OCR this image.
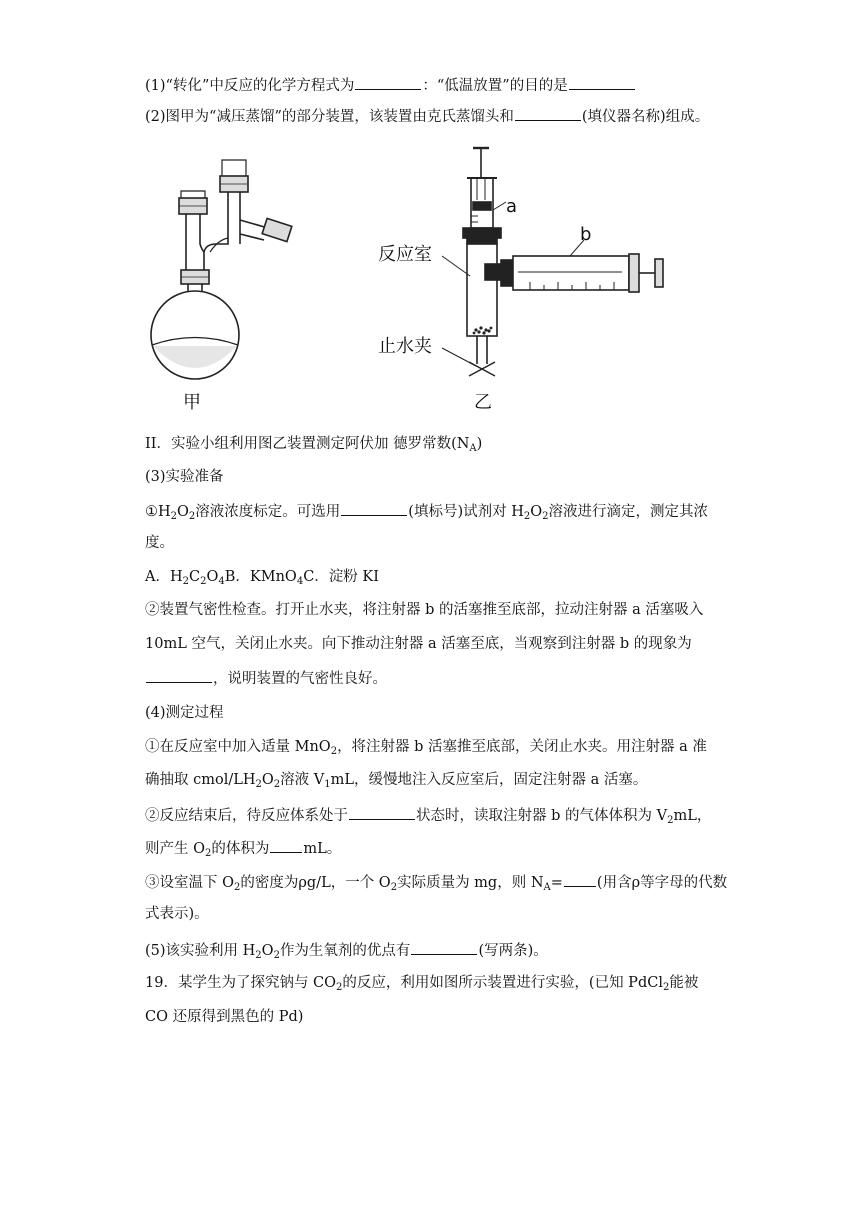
(1)“转化”中反应的化学方程式为	：“低温放置”的目的是
(2)图甲为“减压蒸馏”的部分装置，该装置由克氏蒸馏头和	(填仪器名称)组成。
甲
a
b
反应室
止水夹
乙
II．实验小组利用图乙装置测定阿伏加 德罗常数$(N_A)$
(3)实验准备
$①H_2O_2$溶液浓度标定。可选用	(填标号)试剂对 $H_2O_2$溶液进行滴定，测定其浓
度。
A．$H_2C_2O_4B$．KMnO$_4$C．淀粉 KI
②装置气密性检查。打开止水夹，将注射器 b 的活塞推至底部，拉动注射器 a 活塞吸入
10mL 空气，关闭止水夹。向下推动注射器 a 活塞至底，当观察到注射器 b 的现象为
，说明装置的气密性良好。
(4)测定过程
①在反应室中加入适量 MnO$_2$，将注射器 b 活塞推至底部，关闭止水夹。用注射器 a 准
确抽取 cmol/$LH_2O_2$溶液 $V_1mL$，缓慢地注入反应室后，固定注射器 a 活塞。
②反应结束后，待反应体系处于	状态时，读取注射器 b 的气体体积为 $V_2mL$，
则产生 $O_2$的体积为 mL。
③设室温下 $O_2$的密度为ρg/L，一个 $O_2$实际质量为 mg，则 $N_A=$ (用含ρ等字母的代数
式表示)。
(5)该实验利用 $H_2O_2$作为生氧剂的优点有	(写两条)。
19．某学生为了探究钠与 $CO_2$的反应，利用如图所示装置进行实验，(已知 PdCl$_2$能被
CO 还原得到黑色的 Pd)
